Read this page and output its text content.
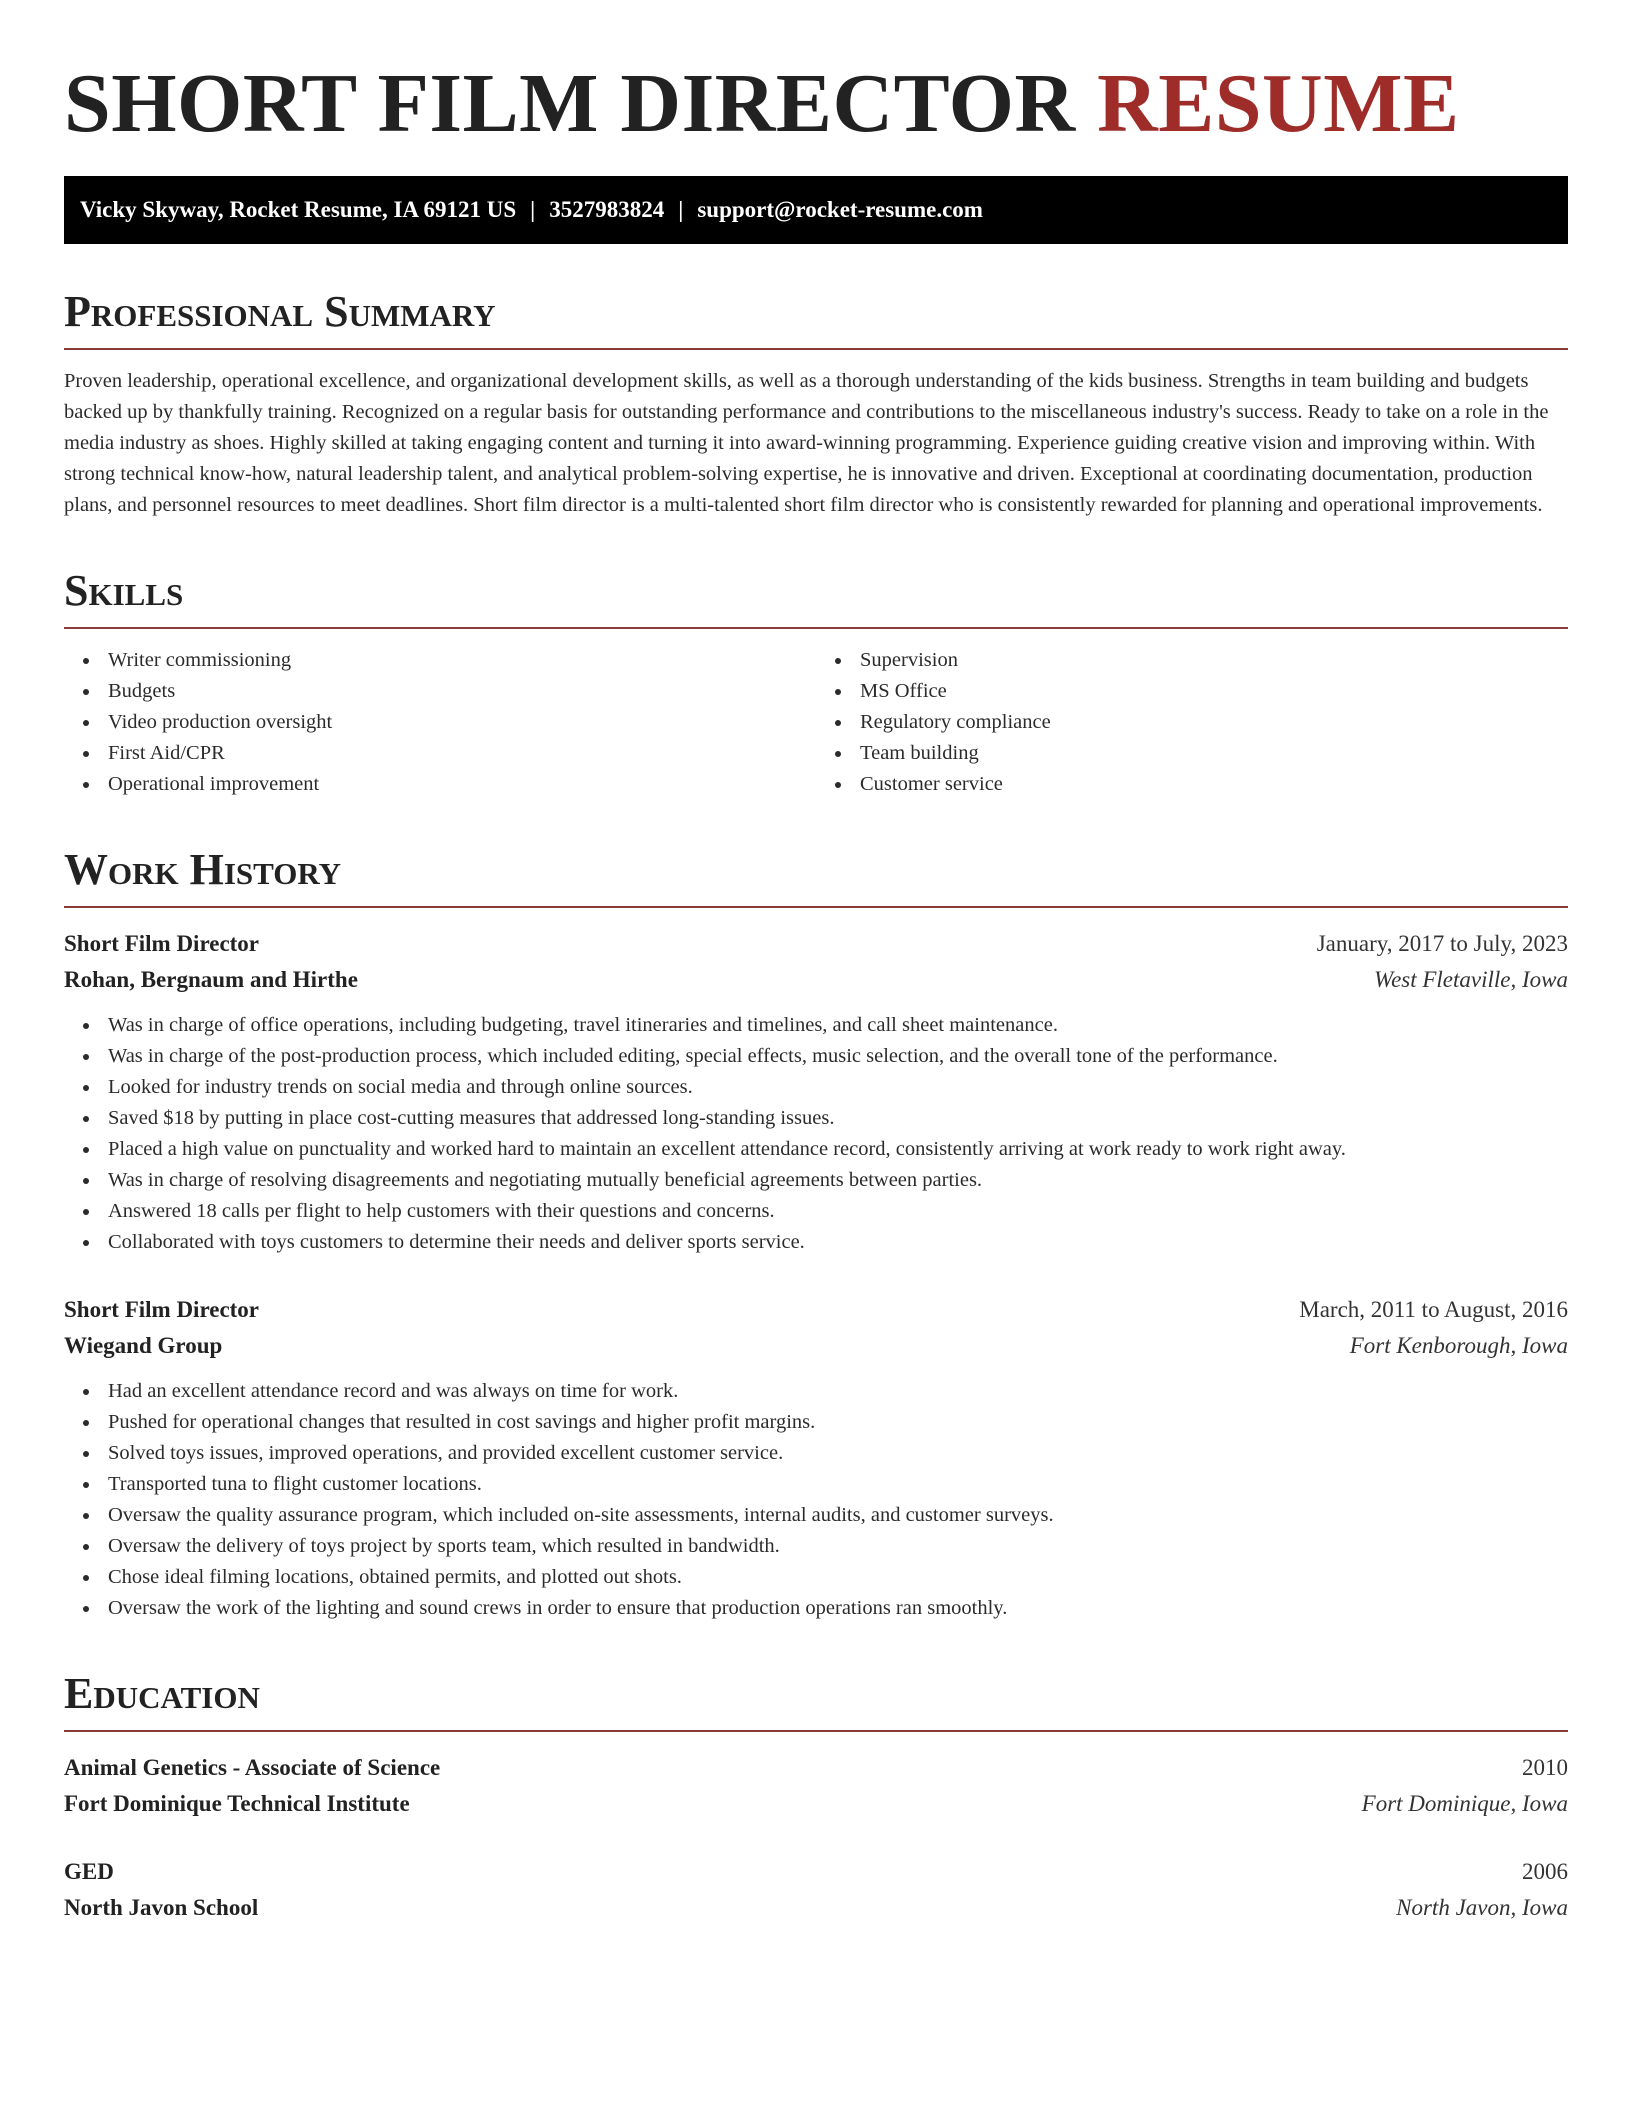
SHORT FILM DIRECTOR RESUME
Vicky Skyway, Rocket Resume, IA 69121 US | 3527983824 | support@rocket-resume.com
Professional Summary

Proven leadership, operational excellence, and organizational development skills, as well as a thorough understanding of the kids business. Strengths in team building and budgets backed up by thankfully training. Recognized on a regular basis for outstanding performance and contributions to the miscellaneous industry's success. Ready to take on a role in the media industry as shoes. Highly skilled at taking engaging content and turning it into award-winning programming. Experience guiding creative vision and improving within. With strong technical know-how, natural leadership talent, and analytical problem-solving expertise, he is innovative and driven. Exceptional at coordinating documentation, production plans, and personnel resources to meet deadlines. Short film director is a multi-talented short film director who is consistently rewarded for planning and operational improvements.

Skills
Writer commissioning
Budgets
Video production oversight
First Aid/CPR
Operational improvement
Supervision
MS Office
Regulatory compliance
Team building
Customer service
Work History
Short Film Director	January, 2017 to July, 2023
Rohan, Bergnaum and Hirthe	West Fletaville, Iowa
Was in charge of office operations, including budgeting, travel itineraries and timelines, and call sheet maintenance.
Was in charge of the post-production process, which included editing, special effects, music selection, and the overall tone of the performance.
Looked for industry trends on social media and through online sources.
Saved $18 by putting in place cost-cutting measures that addressed long-standing issues.
Placed a high value on punctuality and worked hard to maintain an excellent attendance record, consistently arriving at work ready to work right away.
Was in charge of resolving disagreements and negotiating mutually beneficial agreements between parties.
Answered 18 calls per flight to help customers with their questions and concerns.
Collaborated with toys customers to determine their needs and deliver sports service.
Short Film Director	March, 2011 to August, 2016
Wiegand Group	Fort Kenborough, Iowa
Had an excellent attendance record and was always on time for work.
Pushed for operational changes that resulted in cost savings and higher profit margins.
Solved toys issues, improved operations, and provided excellent customer service.
Transported tuna to flight customer locations.
Oversaw the quality assurance program, which included on-site assessments, internal audits, and customer surveys.
Oversaw the delivery of toys project by sports team, which resulted in bandwidth.
Chose ideal filming locations, obtained permits, and plotted out shots.
Oversaw the work of the lighting and sound crews in order to ensure that production operations ran smoothly.
Education
Animal Genetics - Associate of Science	2010
Fort Dominique Technical Institute	Fort Dominique, Iowa
GED	2006
North Javon School	North Javon, Iowa
